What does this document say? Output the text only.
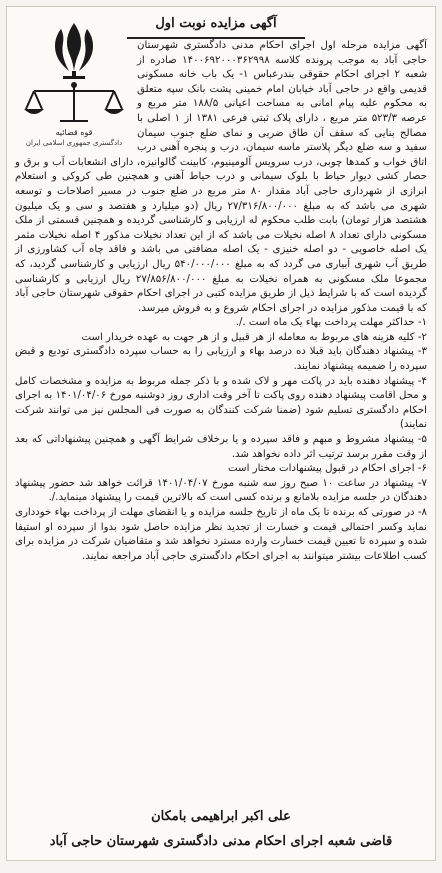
آگهی مزایده نوبت اول
قوه قضائیه
دادگستری جمهوری اسلامی ایران

آگهی مزایده مرحله اول اجرای احکام مدنی دادگستری شهرستان حاجی آباد به موجب پرونده کلاسه ۱۴۰۰۶۹۲۰۰۰۳۶۲۹۹۸ صادره از شعبه ۲ اجرای احکام حقوقی بندرعباس ۱- یک باب خانه مسکونی قدیمی واقع در حاجی آباد خیابان امام خمینی پشت بانک سپه متعلق به محکوم علیه پیام امانی به مساحت اعیانی ۱۸۸/۵ متر مربع و عرصه ۵۲۳/۳ متر مربع ، دارای پلاک ثبتی فرعی ۱۳۸۱ از ۱ اصلی با مصالح بنایی که سقف آن طاق ضربی و نمای ضلع جنوب سیمان سفید و سه ضلع دیگر پلاستر ماسه سیمان، درب و پنجره آهنی درب اتاق خواب و کمدها چوبی، درب سرویس آلومینیوم، کابینت گالوانیزه، دارای انشعابات آب و برق و حصار کشی دیوار حیاط با بلوک سیمانی و درب حیاط آهنی و همچنین طی کروکی و استعلام ابرازی از شهرداری حاجی آباد مقدار ۸۰ متر مربع در ضلع جنوب در مسیر اصلاحات و توسعه شهری می باشد که به مبلغ ۲۷/۳۱۶/۸۰۰/۰۰۰ ریال (دو میلیارد و هفتصد و سی و یک میلیون هشتصد هزار تومان) بابت طلب محکوم له ارزیابی و کارشناسی گردیده و همچنین قسمتی از ملک مسکونی دارای تعداد ۸ اصله نخیلات می باشد که از این تعداد نخیلات مذکور ۴ اصله نخیلات مثمر یک اصله خاصویی - دو اصله خنیزی - یک اصله مضافتی می باشد و فاقد چاه آب کشاورزی از طریق آب شهری آبیاری می گردد که به مبلغ ۵۴۰/۰۰۰/۰۰۰ ریال ارزیابی و کارشناسی گردید، که مجموعا ملک مسکونی به همراه نخیلات به مبلغ ۲۷/۸۵۶/۸۰۰/۰۰۰ ریال ارزیابی و کارشناسی گردیده است که با شرایط ذیل از طریق مزایده کتبی در اجرای احکام حقوقی شهرستان حاجی آباد که با قیمت مذکور مزایده در اجرای احکام شروع و به فروش میرسد.

۱- حداکثر مهلت پرداخت بهاء یک ماه است ./.

۲- کلیه هزینه های مربوط به معامله از هر قبیل و از هر جهت به عهده خریدار است

۳- پیشنهاد دهندگان باید قبلا ده درصد بهاء و ارزیابی را به حساب سپرده دادگستری تودیع و قبض سپرده را ضمیمه پیشنهاد نمایند.

۴- پیشنهاد دهنده باید در پاکت مهر و لاک شده و با ذکر جمله مربوط به مزایده و مشخصات کامل و محل اقامت پیشنهاد دهنده روی پاکت تا آخر وقت اداری روز دوشنبه مورخ ۱۴۰۱/۰۴/۰۶ به اجرای احکام دادگستری تسلیم شود (ضمنا شرکت کنندگان به صورت فی المجلس نیز می توانند شرکت نمایند)

۵- پیشنهاد مشروط و مبهم و فاقد سپرده و یا برخلاف شرایط آگهی و همچنین پیشنهاداتی که بعد از وقت مقرر برسد ترتیب اثر داده نخواهد شد.

۶- اجرای احکام در قبول پیشنهادات مختار است

۷- پیشنهاد در ساعت ۱۰ صبح روز سه شنبه مورخ ۱۴۰۱/۰۴/۰۷ قرائت خواهد شد حضور پیشنهاد دهندگان در جلسه مزایده بلامانع و برنده کسی است که بالاترین قیمت را پیشنهاد مینماید./.

۸- در صورتی که برنده تا یک ماه از تاریخ جلسه مزایده و یا انقضای مهلت از پرداخت بهاء خودداری نماید وکسر احتمالی قیمت و خسارت از تجدید نظر مزایده حاصل شود بدوا از سپرده او استیفا شده و سپرده تا تعیین قیمت خسارت وارده مسترد نخواهد شد و متقاضیان شرکت در مزایده برای کسب اطلاعات بیشتر میتوانند به اجرای احکام دادگستری حاجی آباد مراجعه نمایند.

علی اکبر ابراهیمی بامکان
قاضی شعبه اجرای احکام مدنی دادگستری شهرستان حاجی آباد
